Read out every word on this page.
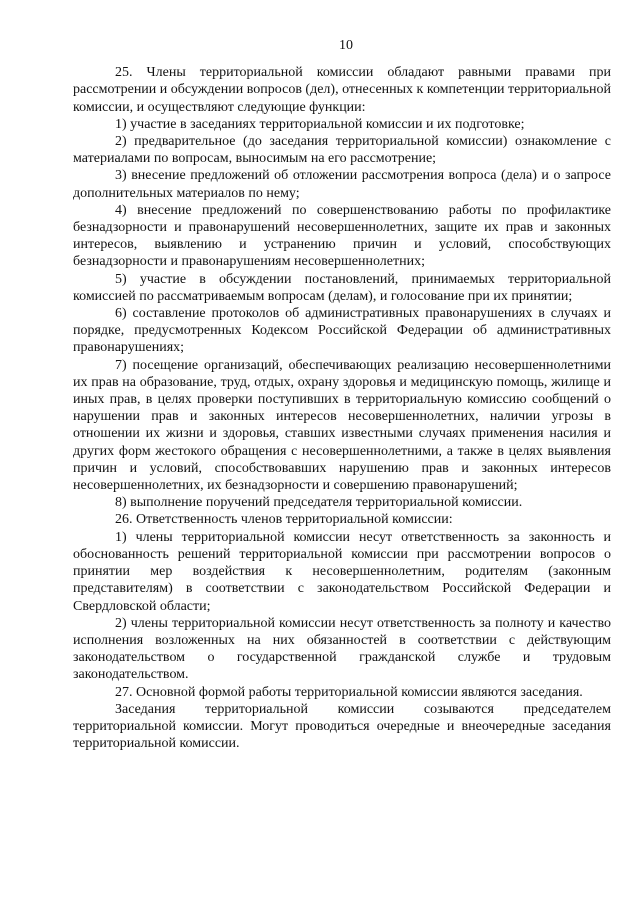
10

25. Члены территориальной комиссии обладают равными правами при рассмотрении и обсуждении вопросов (дел), отнесенных к компетенции территориальной комиссии, и осуществляют следующие функции:

1) участие в заседаниях территориальной комиссии и их подготовке;

2) предварительное (до заседания территориальной комиссии) ознакомление с материалами по вопросам, выносимым на его рассмотрение;

3) внесение предложений об отложении рассмотрения вопроса (дела) и о запросе дополнительных материалов по нему;

4) внесение предложений по совершенствованию работы по профилактике безнадзорности и правонарушений несовершеннолетних, защите их прав и законных интересов, выявлению и устранению причин и условий, способствующих безнадзорности и правонарушениям несовершеннолетних;

5) участие в обсуждении постановлений, принимаемых территориальной комиссией по рассматриваемым вопросам (делам), и голосование при их принятии;

6) составление протоколов об административных правонарушениях в случаях и порядке, предусмотренных Кодексом Российской Федерации об административных правонарушениях;

7) посещение организаций, обеспечивающих реализацию несовершеннолетними их прав на образование, труд, отдых, охрану здоровья и медицинскую помощь, жилище и иных прав, в целях проверки поступивших в территориальную комиссию сообщений о нарушении прав и законных интересов несовершеннолетних, наличии угрозы в отношении их жизни и здоровья, ставших известными случаях применения насилия и других форм жестокого обращения с несовершеннолетними, а также в целях выявления причин и условий, способствовавших нарушению прав и законных интересов несовершеннолетних, их безнадзорности и совершению правонарушений;

8) выполнение поручений председателя территориальной комиссии.

26. Ответственность членов территориальной комиссии:

1) члены территориальной комиссии несут ответственность за законность и обоснованность решений территориальной комиссии при рассмотрении вопросов о принятии мер воздействия к несовершеннолетним, родителям (законным представителям) в соответствии с законодательством Российской Федерации и Свердловской области;

2) члены территориальной комиссии несут ответственность за полноту и качество исполнения возложенных на них обязанностей в соответствии с действующим законодательством о государственной гражданской службе и трудовым законодательством.

27. Основной формой работы территориальной комиссии являются заседания.

Заседания территориальной комиссии созываются председателем территориальной комиссии. Могут проводиться очередные и внеочередные заседания территориальной комиссии.
